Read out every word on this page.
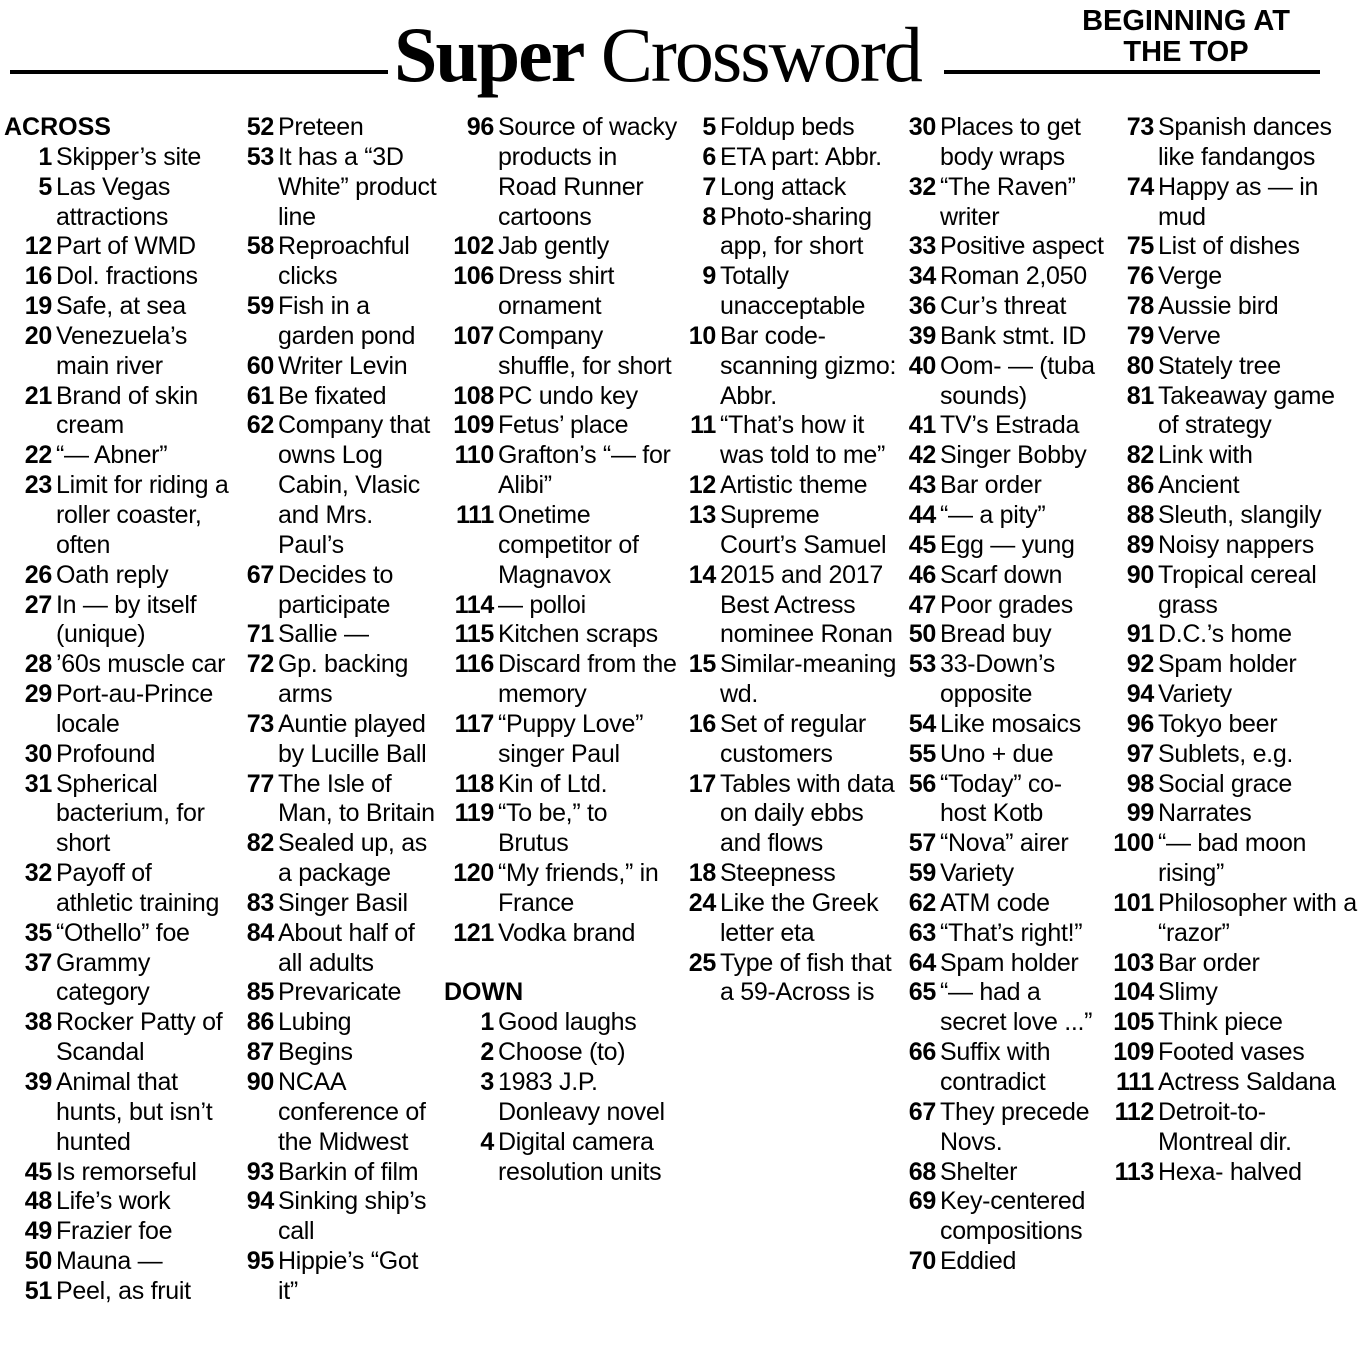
Super Crossword	BEGINNING AT
THE TOP
ACROSS
1 Skipper’s site
5 Las Vegas attractions
12 Part of WMD
16 Dol. fractions
19 Safe, at sea
20 Venezuela’s main river
21 Brand of skin cream
22 “— Abner”
23 Limit for riding a roller coaster, often
26 Oath reply
27 In — by itself (unique)
28 ’60s muscle car
29 Port-au-Prince locale
30 Profound
31 Spherical bacterium, for short
32 Payoff of athletic training
35 “Othello” foe
37 Grammy category
38 Rocker Patty of Scandal
39 Animal that hunts, but isn’t hunted
45 Is remorseful
48 Life’s work
49 Frazier foe
50 Mauna —
51 Peel, as fruit
52 Preteen
53 It has a “3D White” product line
58 Reproachful clicks
59 Fish in a garden pond
60 Writer Levin
61 Be fixated
62 Company that owns Log Cabin, Vlasic and Mrs. Paul’s
67 Decides to participate
71 Sallie —
72 Gp. backing arms
73 Auntie played by Lucille Ball
77 The Isle of Man, to Britain
82 Sealed up, as a package
83 Singer Basil
84 About half of all adults
85 Prevaricate
86 Lubing
87 Begins
90 NCAA conference of the Midwest
93 Barkin of film
94 Sinking ship’s call
95 Hippie’s “Got it”
96 Source of wacky products in Road Runner cartoons
102 Jab gently
106 Dress shirt ornament
107 Company shuffle, for short
108 PC undo key
109 Fetus’ place
110 Grafton’s “— for Alibi”
111 Onetime competitor of Magnavox
114 — polloi
115 Kitchen scraps
116 Discard from the memory
117 “Puppy Love” singer Paul
118 Kin of Ltd.
119 “To be,” to Brutus
120 “My friends,” in France
121 Vodka brand
DOWN
1 Good laughs
2 Choose (to)
3 1983 J.P. Donleavy novel
4 Digital camera resolution units
5 Foldup beds
6 ETA part: Abbr.
7 Long attack
8 Photo-sharing app, for short
9 Totally unacceptable
10 Bar code-scanning gizmo: Abbr.
11 “That’s how it was told to me”
12 Artistic theme
13 Supreme Court’s Samuel
14 2015 and 2017 Best Actress nominee Ronan
15 Similar-meaning wd.
16 Set of regular customers
17 Tables with data on daily ebbs and flows
18 Steepness
24 Like the Greek letter eta
25 Type of fish that a 59-Across is
30 Places to get body wraps
32 “The Raven” writer
33 Positive aspect
34 Roman 2,050
36 Cur’s threat
39 Bank stmt. ID
40 Oom- — (tuba sounds)
41 TV’s Estrada
42 Singer Bobby
43 Bar order
44 “— a pity”
45 Egg — yung
46 Scarf down
47 Poor grades
50 Bread buy
53 33-Down’s opposite
54 Like mosaics
55 Uno + due
56 “Today” co-host Kotb
57 “Nova” airer
59 Variety
62 ATM code
63 “That’s right!”
64 Spam holder
65 “— had a secret love ...”
66 Suffix with contradict
67 They precede Novs.
68 Shelter
69 Key-centered compositions
70 Eddied
73 Spanish dances like fandangos
74 Happy as — in mud
75 List of dishes
76 Verge
78 Aussie bird
79 Verve
80 Stately tree
81 Takeaway game of strategy
82 Link with
86 Ancient
88 Sleuth, slangily
89 Noisy nappers
90 Tropical cereal grass
91 D.C.’s home
92 Spam holder
94 Variety
96 Tokyo beer
97 Sublets, e.g.
98 Social grace
99 Narrates
100 “— bad moon rising”
101 Philosopher with a “razor”
103 Bar order
104 Slimy
105 Think piece
109 Footed vases
111 Actress Saldana
112 Detroit-to-Montreal dir.
113 Hexa- halved
